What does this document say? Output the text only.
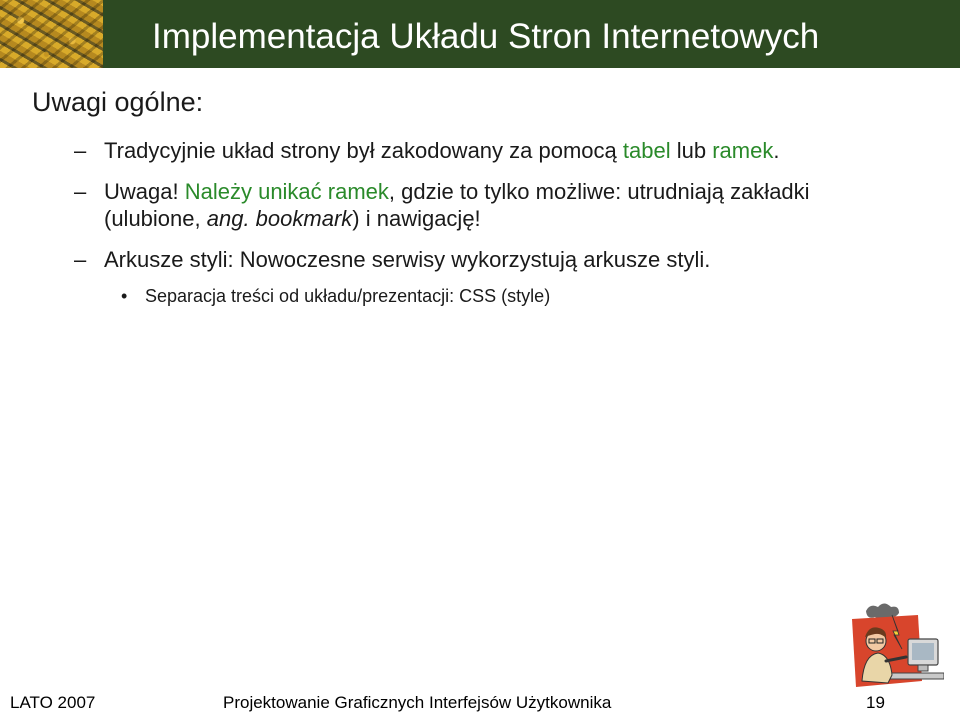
Implementacja Układu Stron Internetowych
Uwagi ogólne:
– Tradycyjnie układ strony był zakodowany za pomocą tabel lub ramek.
– Uwaga! Należy unikać ramek, gdzie to tylko możliwe: utrudniają zakładki (ulubione, ang. bookmark) i nawigację!
– Arkusze styli: Nowoczesne serwisy wykorzystują arkusze styli.
• Separacja treści od układu/prezentacji: CSS (style)
LATO 2007	Projektowanie Graficznych Interfejsów Użytkownika	19
